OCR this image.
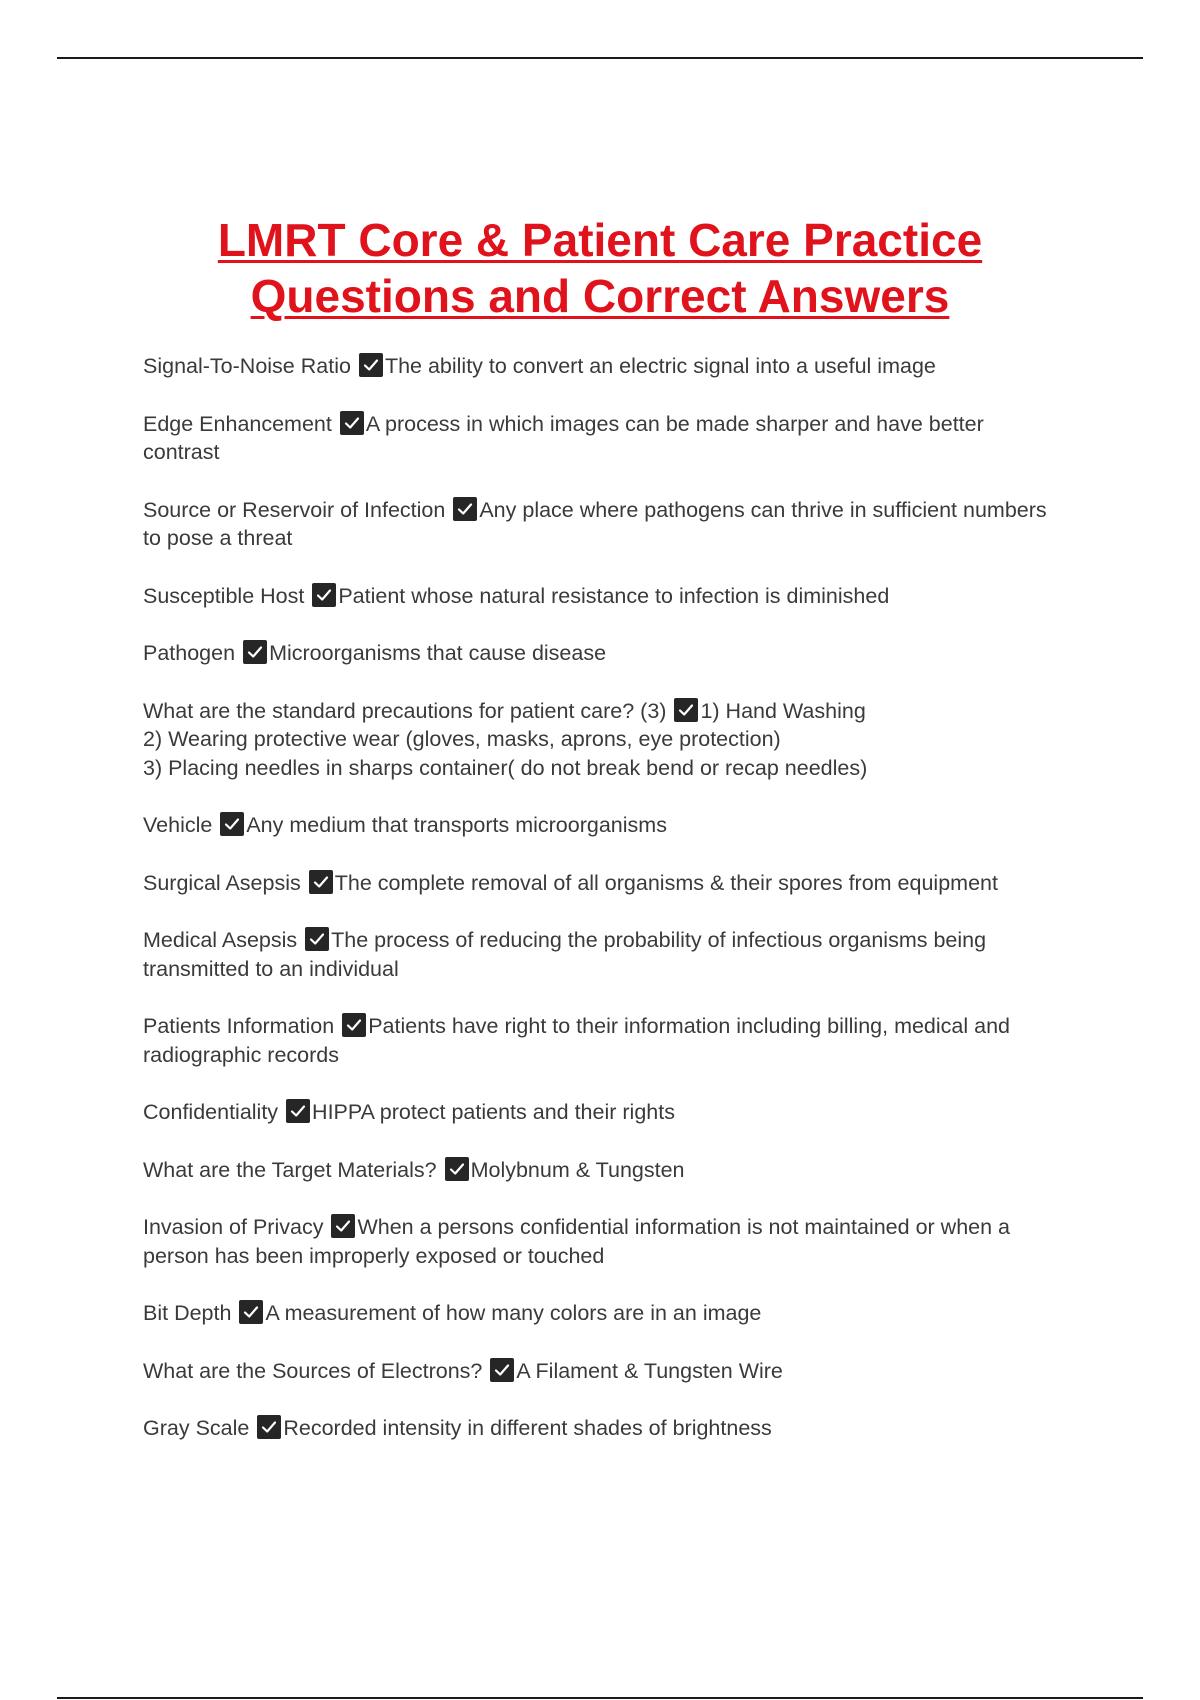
LMRT Core & Patient Care Practice
Questions and Correct Answers
Signal-To-Noise Ratio The ability to convert an electric signal into a useful image
Edge Enhancement A process in which images can be made sharper and have better contrast
Source or Reservoir of Infection Any place where pathogens can thrive in sufficient numbers to pose a threat
Susceptible Host Patient whose natural resistance to infection is diminished
Pathogen Microorganisms that cause disease
What are the standard precautions for patient care? (3) 1) Hand Washing
2) Wearing protective wear (gloves, masks, aprons, eye protection)
3) Placing needles in sharps container( do not break bend or recap needles)
Vehicle Any medium that transports microorganisms
Surgical Asepsis The complete removal of all organisms & their spores from equipment
Medical Asepsis The process of reducing the probability of infectious organisms being transmitted to an individual
Patients Information Patients have right to their information including billing, medical and radiographic records
Confidentiality HIPPA protect patients and their rights
What are the Target Materials? Molybnum & Tungsten
Invasion of Privacy When a persons confidential information is not maintained or when a person has been improperly exposed or touched
Bit Depth A measurement of how many colors are in an image
What are the Sources of Electrons? A Filament & Tungsten Wire
Gray Scale Recorded intensity in different shades of brightness
